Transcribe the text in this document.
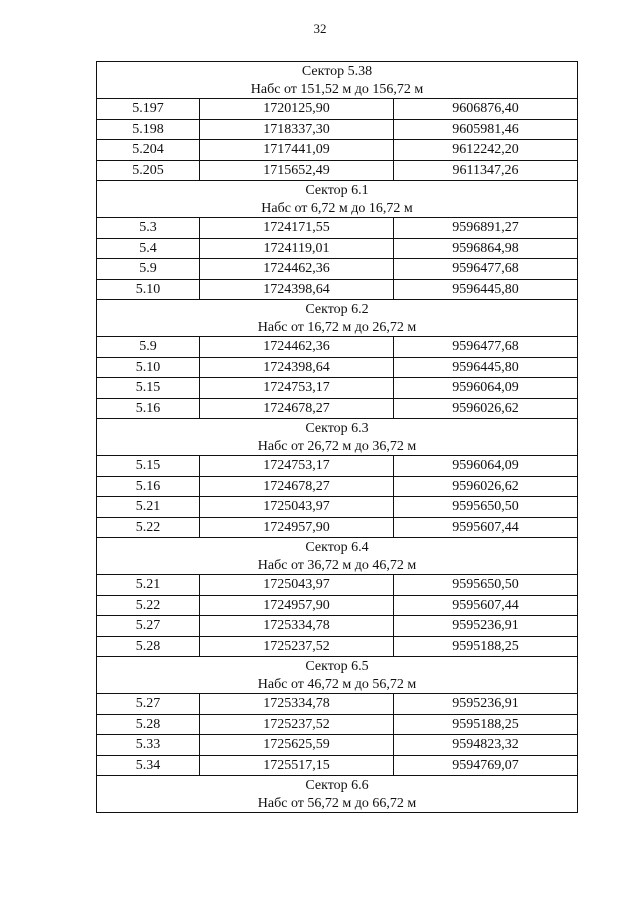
32
Сектор 5.38
Набс от 151,52 м до 156,72 м		

5.197	1720125,90	9606876,40
5.198	1718337,30	9605981,46
5.204	1717441,09	9612242,20
5.205	1715652,49	9611347,26

Сектор 6.1
Набс от 6,72 м до 16,72 м		

5.3	1724171,55	9596891,27
5.4	1724119,01	9596864,98
5.9	1724462,36	9596477,68
5.10	1724398,64	9596445,80

Сектор 6.2
Набс от 16,72 м до 26,72 м		

5.9	1724462,36	9596477,68
5.10	1724398,64	9596445,80
5.15	1724753,17	9596064,09
5.16	1724678,27	9596026,62

Сектор 6.3
Набс от 26,72 м до 36,72 м		

5.15	1724753,17	9596064,09
5.16	1724678,27	9596026,62
5.21	1725043,97	9595650,50
5.22	1724957,90	9595607,44

Сектор 6.4
Набс от 36,72 м до 46,72 м		

5.21	1725043,97	9595650,50
5.22	1724957,90	9595607,44
5.27	1725334,78	9595236,91
5.28	1725237,52	9595188,25

Сектор 6.5
Набс от 46,72 м до 56,72 м		

5.27	1725334,78	9595236,91
5.28	1725237,52	9595188,25
5.33	1725625,59	9594823,32
5.34	1725517,15	9594769,07

Сектор 6.6
Набс от 56,72 м до 66,72 м		
